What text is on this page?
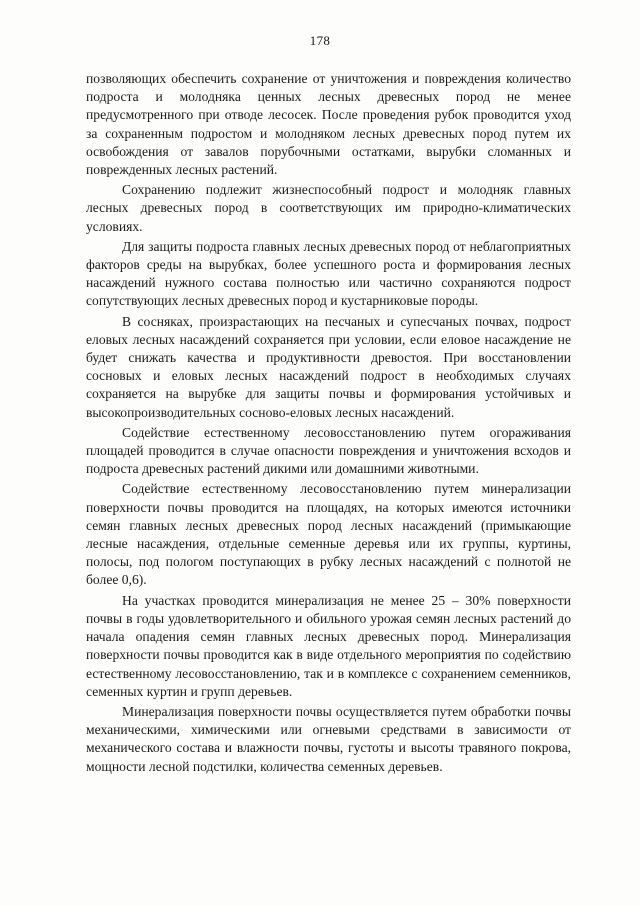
178

позволяющих обеспечить сохранение от уничтожения и повреждения количество подроста и молодняка ценных лесных древесных пород не менее предусмотренного при отводе лесосек. После проведения рубок проводится уход за сохраненным подростом и молодняком лесных древесных пород путем их освобождения от завалов порубочными остатками, вырубки сломанных и поврежденных лесных растений.

Сохранению подлежит жизнеспособный подрост и молодняк главных лесных древесных пород в соответствующих им природно-климатических условиях.

Для защиты подроста главных лесных древесных пород от неблагоприятных факторов среды на вырубках, более успешного роста и формирования лесных насаждений нужного состава полностью или частично сохраняются подрост сопутствующих лесных древесных пород и кустарниковые породы.

В сосняках, произрастающих на песчаных и супесчаных почвах, подрост еловых лесных насаждений сохраняется при условии, если еловое насаждение не будет снижать качества и продуктивности древостоя. При восстановлении сосновых и еловых лесных насаждений подрост в необходимых случаях сохраняется на вырубке для защиты почвы и формирования устойчивых и высокопроизводительных сосново-еловых лесных насаждений.

Содействие естественному лесовосстановлению путем огораживания площадей проводится в случае опасности повреждения и уничтожения всходов и подроста древесных растений дикими или домашними животными.

Содействие естественному лесовосстановлению путем минерализации поверхности почвы проводится на площадях, на которых имеются источники семян главных лесных древесных пород лесных насаждений (примыкающие лесные насаждения, отдельные семенные деревья или их группы, куртины, полосы, под пологом поступающих в рубку лесных насаждений с полнотой не более 0,6).

На участках проводится минерализация не менее 25 – 30% поверхности почвы в годы удовлетворительного и обильного урожая семян лесных растений до начала опадения семян главных лесных древесных пород. Минерализация поверхности почвы проводится как в виде отдельного мероприятия по содействию естественному лесовосстановлению, так и в комплексе с сохранением семенников, семенных куртин и групп деревьев.

Минерализация поверхности почвы осуществляется путем обработки почвы механическими, химическими или огневыми средствами в зависимости от механического состава и влажности почвы, густоты и высоты травяного покрова, мощности лесной подстилки, количества семенных деревьев.
